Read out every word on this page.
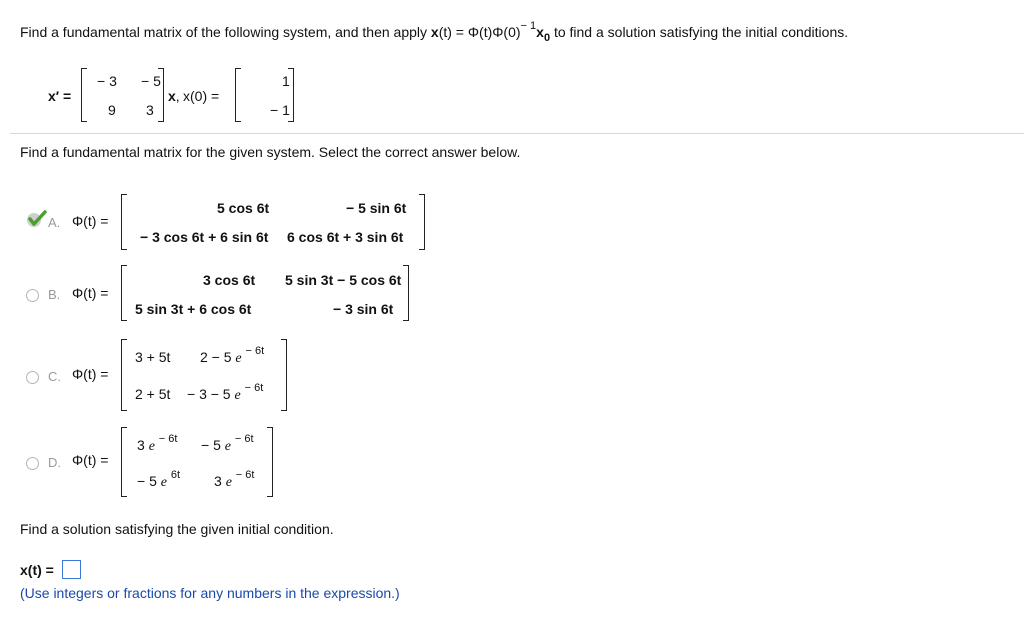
Find a fundamental matrix of the following system, and then apply $x(t) = \Phi(t)\Phi(0)^{- 1}x_0$ to find a solution satisfying the initial conditions.
x′ =
− 3 − 5
9 3
x, x(0) =
1
− 1
Find a fundamental matrix for the given system. Select the correct answer below.
A. Φ(t) =
5 cos 6t	− 5 sin 6t
− 3 cos 6t + 6 sin 6t 6 cos 6t + 3 sin 6t
B. Φ(t) =
3 cos 6t 5 sin 3t − 5 cos 6t
5 sin 3t + 6 cos 6t	− 3 sin 6t
C. Φ(t) =
3 + 5t 2 − 5 e $^{- 6t}$
2 + 5t − 3 − 5 e $^{- 6t}$
D. Φ(t) =
3 e $^{- 6t}$ − 5 e $^{- 6t}$
− 5 e $^{6t}$ 3 e $^{- 6t}$
Find a solution satisfying the given initial condition.
x(t) =
(Use integers or fractions for any numbers in the expression.)
